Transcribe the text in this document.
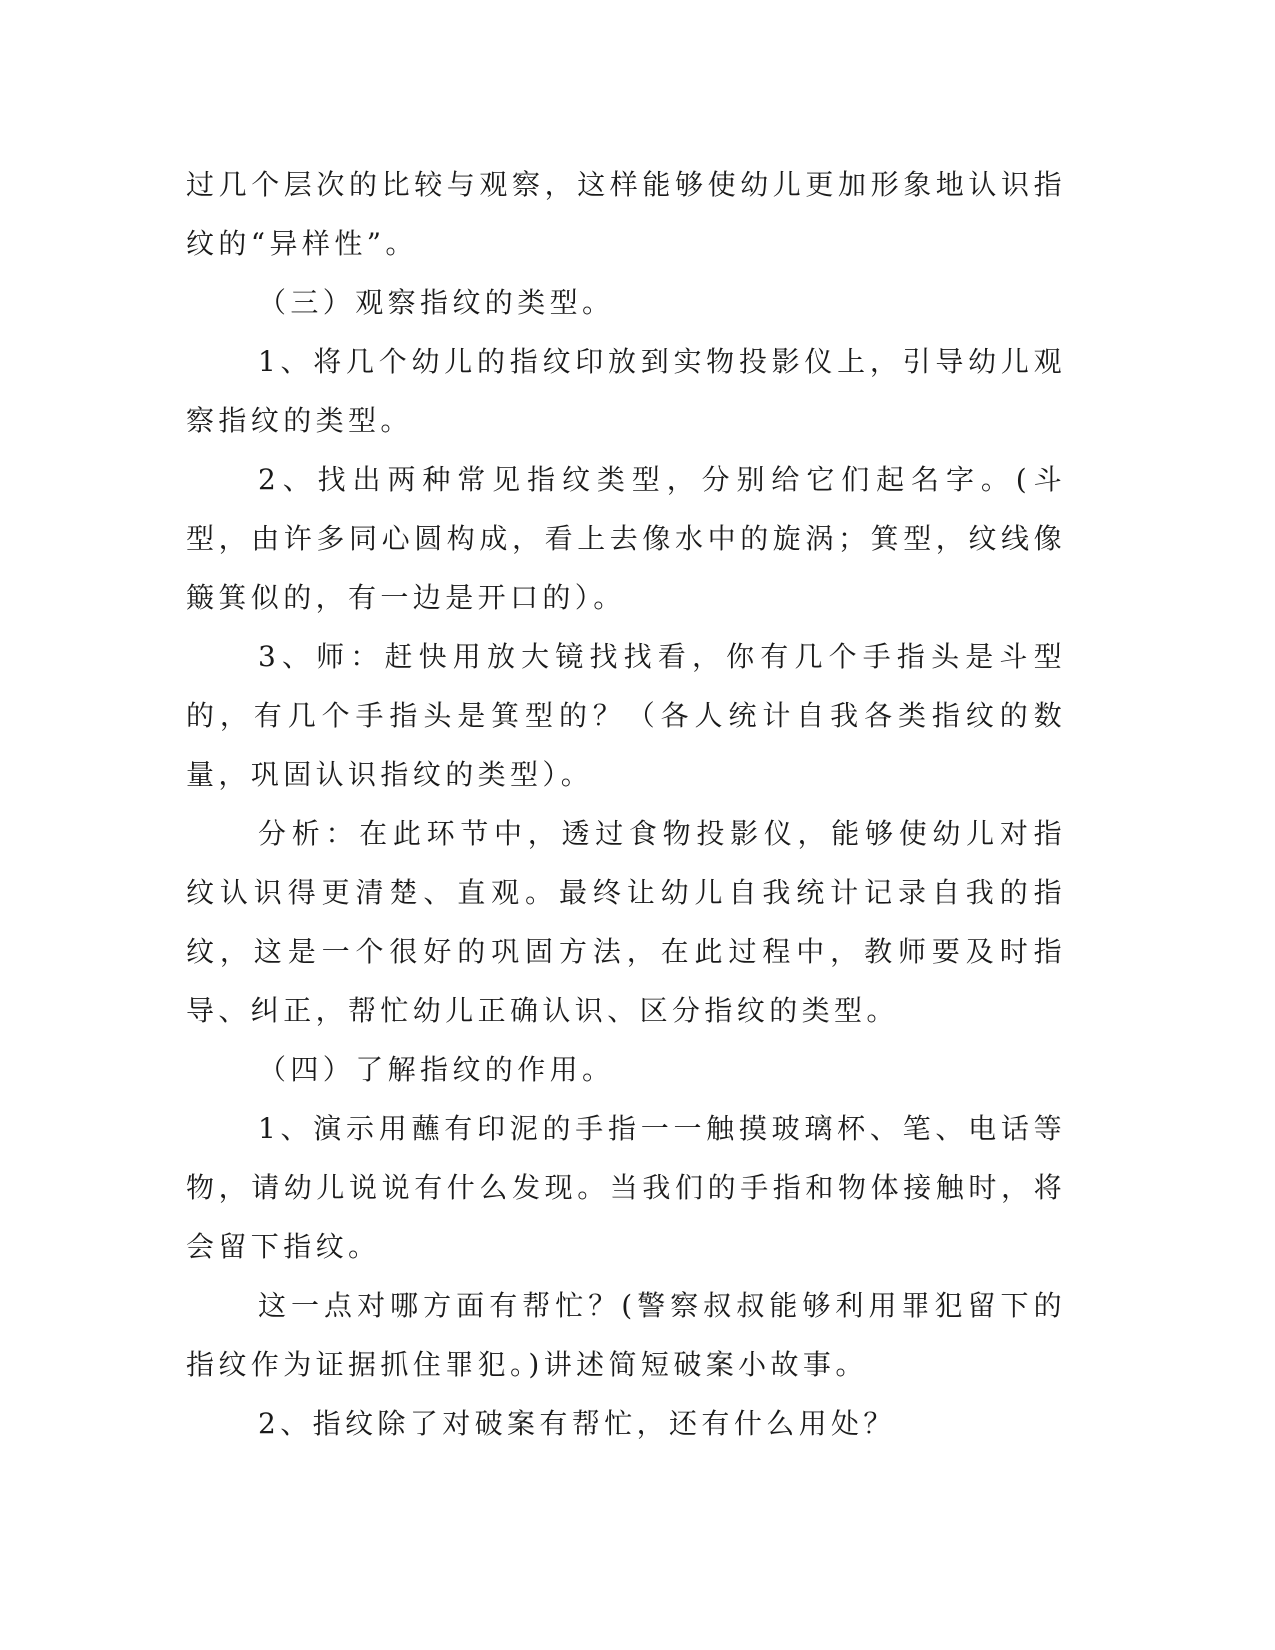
过几个层次的比较与观察，这样能够使幼儿更加形象地认识指纹的“异样性”。

（三）观察指纹的类型。

1、将几个幼儿的指纹印放到实物投影仪上，引导幼儿观察指纹的类型。

2、找出两种常见指纹类型，分别给它们起名字。(斗型，由许多同心圆构成，看上去像水中的旋涡；箕型，纹线像簸箕似的，有一边是开口的）。

3、师：赶快用放大镜找找看，你有几个手指头是斗型的，有几个手指头是箕型的？（各人统计自我各类指纹的数量，巩固认识指纹的类型）。

分析：在此环节中，透过食物投影仪，能够使幼儿对指纹认识得更清楚、直观。最终让幼儿自我统计记录自我的指纹，这是一个很好的巩固方法，在此过程中，教师要及时指导、纠正，帮忙幼儿正确认识、区分指纹的类型。

（四）了解指纹的作用。

1、演示用蘸有印泥的手指一一触摸玻璃杯、笔、电话等物，请幼儿说说有什么发现。当我们的手指和物体接触时，将会留下指纹。

这一点对哪方面有帮忙？(警察叔叔能够利用罪犯留下的指纹作为证据抓住罪犯。)讲述简短破案小故事。

2、指纹除了对破案有帮忙，还有什么用处？
